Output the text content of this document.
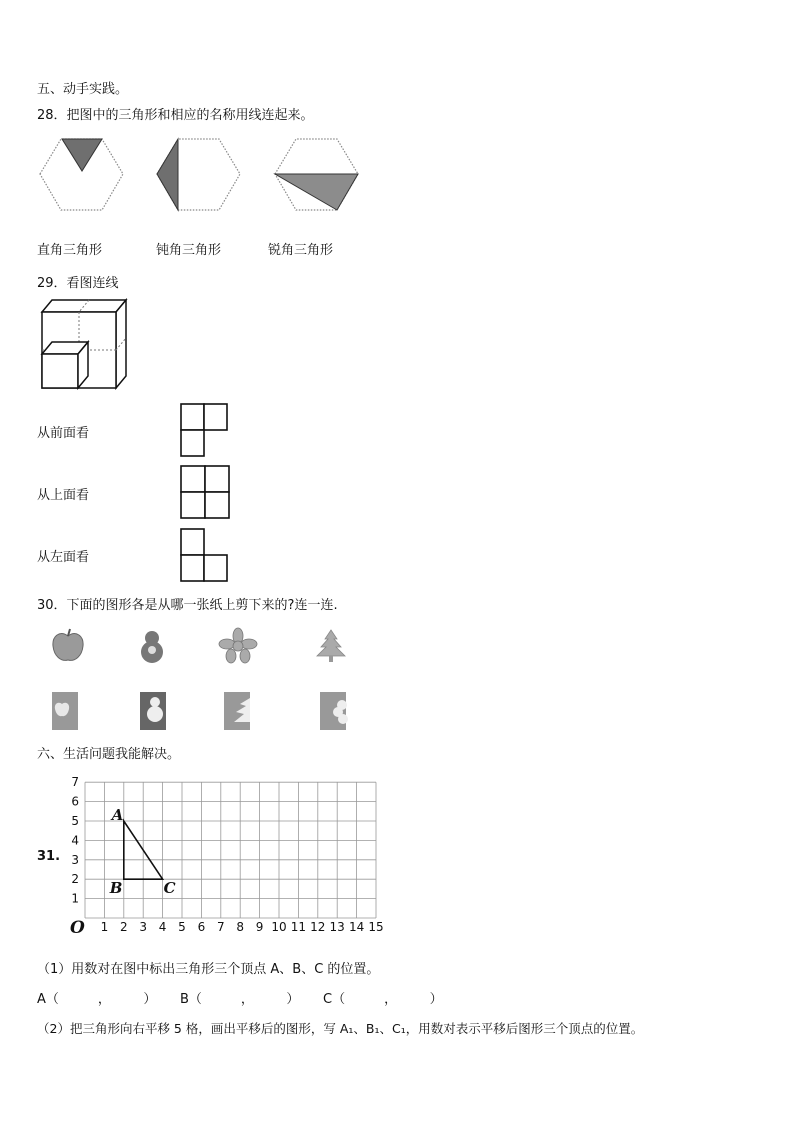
五、动手实践。
28．把图中的三角形和相应的名称用线连起来。
直角三角形	钝角三角形	锐角三角形
29．看图连线
从前面看
从上面看
从左面看
30．下面的图形各是从哪一张纸上剪下来的?连一连.
六、生活问题我能解决。
31.
1 2 3 4 5 6 7 8 9 10 11 12 13 14 15
1
2
3
4
5
6
7
O
A
B	C
（1）用数对在图中标出三角形三个顶点 A、B、C 的位置。
A（　　　，　　　） B（　　　，　　　） C（　　　，　　　）
（2）把三角形向右平移 5 格，画出平移后的图形，写 A₁、B₁、C₁，用数对表示平移后图形三个顶点的位置。
